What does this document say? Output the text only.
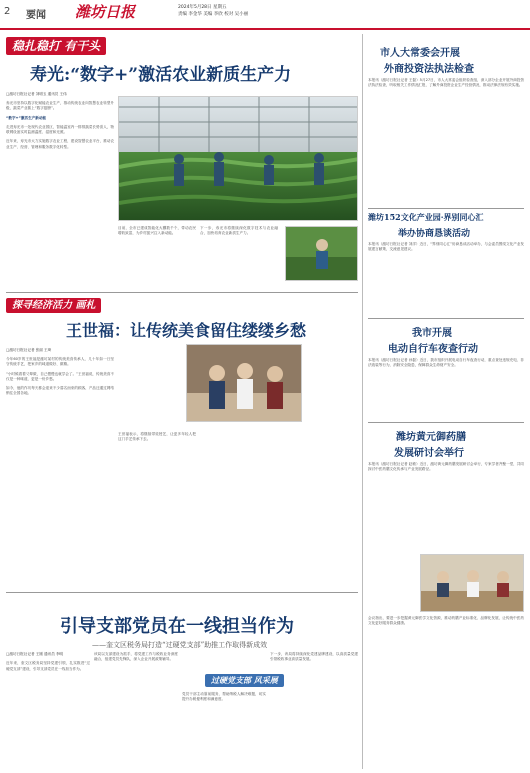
2 要闻 潍坊日报	2024年5月28日 星期五
责编 李金华 美编 李欣 校对 吴小丽
稳扎稳打 有干头
寿光:“数字+”激活农业新质生产力
□潍坊日报社记者 刘明玉 通讯员 王伟

寿光市坚持以数字化赋能农业生产，推动传统农业向智慧农业转型升级，蔬菜产业插上“数字翅膀”。

“数字+”激活生产新动能

走进寿光市一处现代农业园区，智能温室内一排排蔬菜长势喜人，物联网设备实时监测温度、湿度和光照。

近年来，寿光市大力实施数字农业工程，建设智慧农业平台，推动农业生产、经营、管理和服务数字化转型。

目前，全市已建成智能化大棚数千个，带动农民增收致富，为乡村振兴注入新动能。

下一步，寿光市将继续深化数字技术与农业融合，加快培育农业新质生产力。

探寻经济活力 画札
王世福：让传统美食留住缕缕乡愁
□潍坊日报社记者 张丽 王琦

今年60岁的王世福是潍坊某村的传统美食传承人，几十年如一日坚守传统手艺，把家乡的味道做好、做精。

“小时候看着父辈做，自己慢慢也就学会了。”王世福说，传统美食不仅是一种味道，更是一份乡愁。

如今，他的作坊每天都会迎来不少慕名而来的顾客，产品还通过网络销往全国各地。

王世福表示，将继续带徒授艺，让更多年轻人把这门手艺传承下去。

引导支部党员在一线担当作为
——奎文区税务局打造“过硬党支部”助推工作取得新成效
过硬党支部 风采展

□潍坊日报社记者 王刚 通讯员 李明

近年来，奎文区税务局坚持党建引领，扎实推进“过硬党支部”建设，引导支部党员在一线担当作为。

该局以支部建设为抓手，将党建工作与税收业务深度融合，组建党员先锋队，深入企业开展政策辅导。

党员干部主动靠前服务，帮助纳税人解决难题，切实提升办税便利度和满意度。

下一步，该局将持续深化党建品牌建设，以高质量党建引领税收事业高质量发展。

市人大常委会开展
外商投资法执法检查

本报讯（潍坊日报社记者 王磊）5月27日，市人大常委会组织检查组，深入部分企业开展外商投资法执法检查，听取相关工作情况汇报，了解外商投资企业生产经营情况，推动法律法规有效实施。

潍坊152文化产业园·界别同心汇
举办协商恳谈活动

本报讯（潍坊日报社记者 刘洋）近日，“界别同心汇”协商恳谈活动举办，与会委员围绕文化产业发展建言献策，交流意见建议。

我市开展
电动自行车夜查行动

本报讯（潍坊日报社记者 孙磊）近日，我市组织开展电动自行车夜查行动，重点查处违规充电、非法改装等行为，消除安全隐患，保障群众生命财产安全。

潍坊黄元御药膳
发展研讨会举行

本报讯（潍坊日报社记者 赵敏）近日，潍坊黄元御药膳发展研讨会举行，专家学者齐聚一堂，共同探讨中医药膳文化传承与产业发展路径。

会议指出，要进一步挖掘黄元御医学文化资源，推动药膳产业标准化、品牌化发展，让传统中医药文化更好服务群众健康。
